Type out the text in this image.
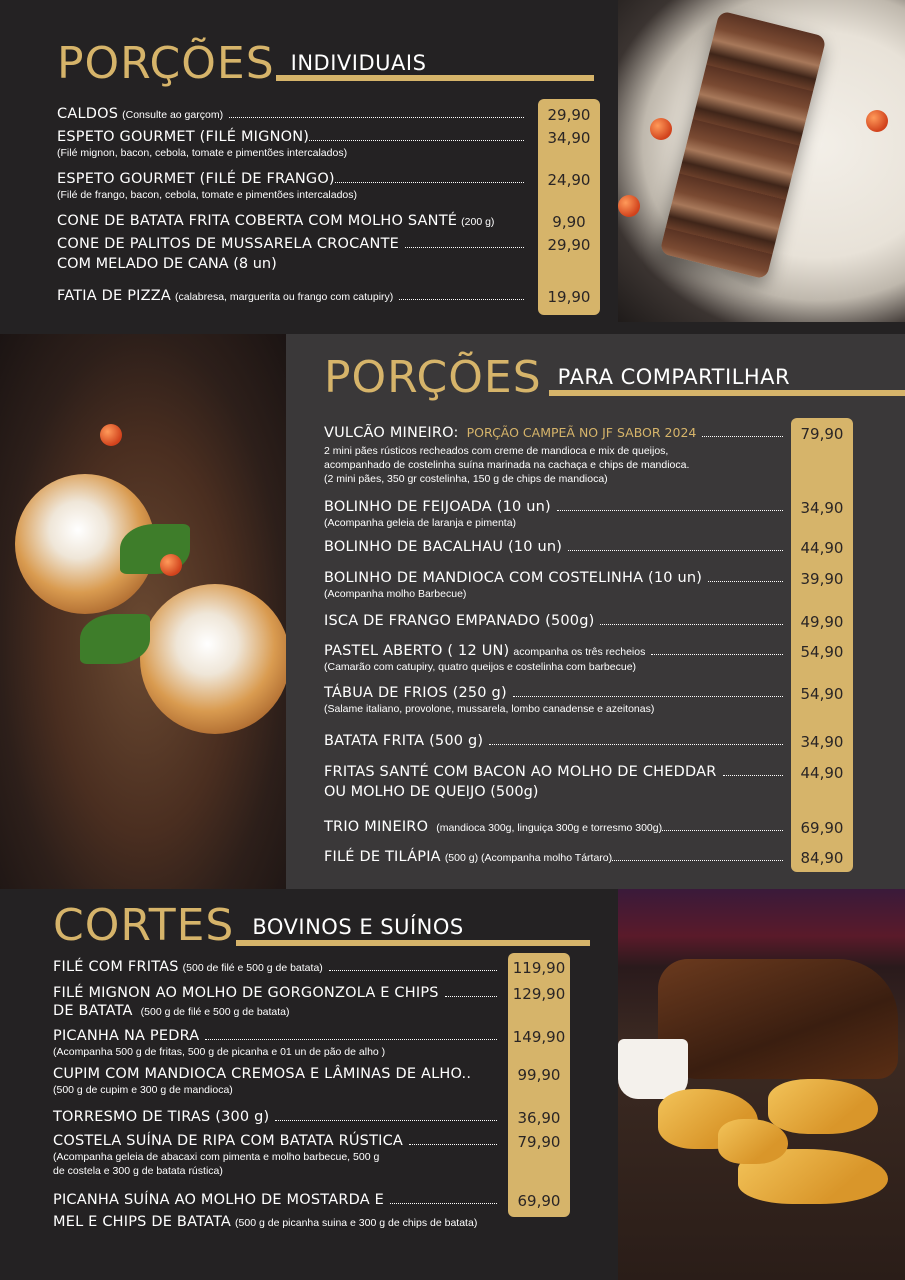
PORÇÕES INDIVIDUAIS
29,90
34,90
24,90
9,90
29,90
19,90
CALDOS (Consulte ao garçom)
ESPETO GOURMET (FILÉ MIGNON)
(Filé mignon, bacon, cebola, tomate e pimentões intercalados)
ESPETO GOURMET (FILÉ DE FRANGO)
(Filé de frango, bacon, cebola, tomate e pimentões intercalados)
CONE DE BATATA FRITA COBERTA COM MOLHO SANTÉ (200 g)
CONE DE PALITOS DE MUSSARELA CROCANTE
COM MELADO DE CANA (8 un)
FATIA DE PIZZA (calabresa, marguerita ou frango com catupiry)
PORÇÕES PARA COMPARTILHAR
79,90
34,90
44,90
39,90
49,90
54,90
54,90
34,90
44,90
69,90
84,90
VULCÃO MINEIRO: PORÇÃO CAMPEÃ NO JF SABOR 2024
2 mini pães rústicos recheados com creme de mandioca e mix de queijos,
acompanhado de costelinha suína marinada na cachaça e chips de mandioca.
(2 mini pães, 350 gr costelinha, 150 g de chips de mandioca)
BOLINHO DE FEIJOADA (10 un)
(Acompanha geleia de laranja e pimenta)
BOLINHO DE BACALHAU (10 un)
BOLINHO DE MANDIOCA COM COSTELINHA (10 un)
(Acompanha molho Barbecue)
ISCA DE FRANGO EMPANADO (500g)
PASTEL ABERTO ( 12 UN) acompanha os três recheios
(Camarão com catupiry, quatro queijos e costelinha com barbecue)
TÁBUA DE FRIOS (250 g)
(Salame italiano, provolone, mussarela, lombo canadense e azeitonas)
BATATA FRITA (500 g)
FRITAS SANTÉ COM BACON AO MOLHO DE CHEDDAR
OU MOLHO DE QUEIJO (500g)
TRIO MINEIRO (mandioca 300g, linguiça 300g e torresmo 300g)
FILÉ DE TILÁPIA (500 g) (Acompanha molho Tártaro)
CORTES BOVINOS E SUÍNOS
119,90
129,90
149,90
99,90
36,90
79,90
69,90
FILÉ COM FRITAS (500 de filé e 500 g de batata)
FILÉ MIGNON AO MOLHO DE GORGONZOLA E CHIPS
DE BATATA (500 g de filé e 500 g de batata)
PICANHA NA PEDRA
(Acompanha 500 g de fritas, 500 g de picanha e 01 un de pão de alho )
CUPIM COM MANDIOCA CREMOSA E LÂMINAS DE ALHO..
(500 g de cupim e 300 g de mandioca)
TORRESMO DE TIRAS (300 g)
COSTELA SUÍNA DE RIPA COM BATATA RÚSTICA
(Acompanha geleia de abacaxi com pimenta e molho barbecue, 500 g
de costela e 300 g de batata rústica)
PICANHA SUÍNA AO MOLHO DE MOSTARDA E
MEL E CHIPS DE BATATA (500 g de picanha suina e 300 g de chips de batata)
